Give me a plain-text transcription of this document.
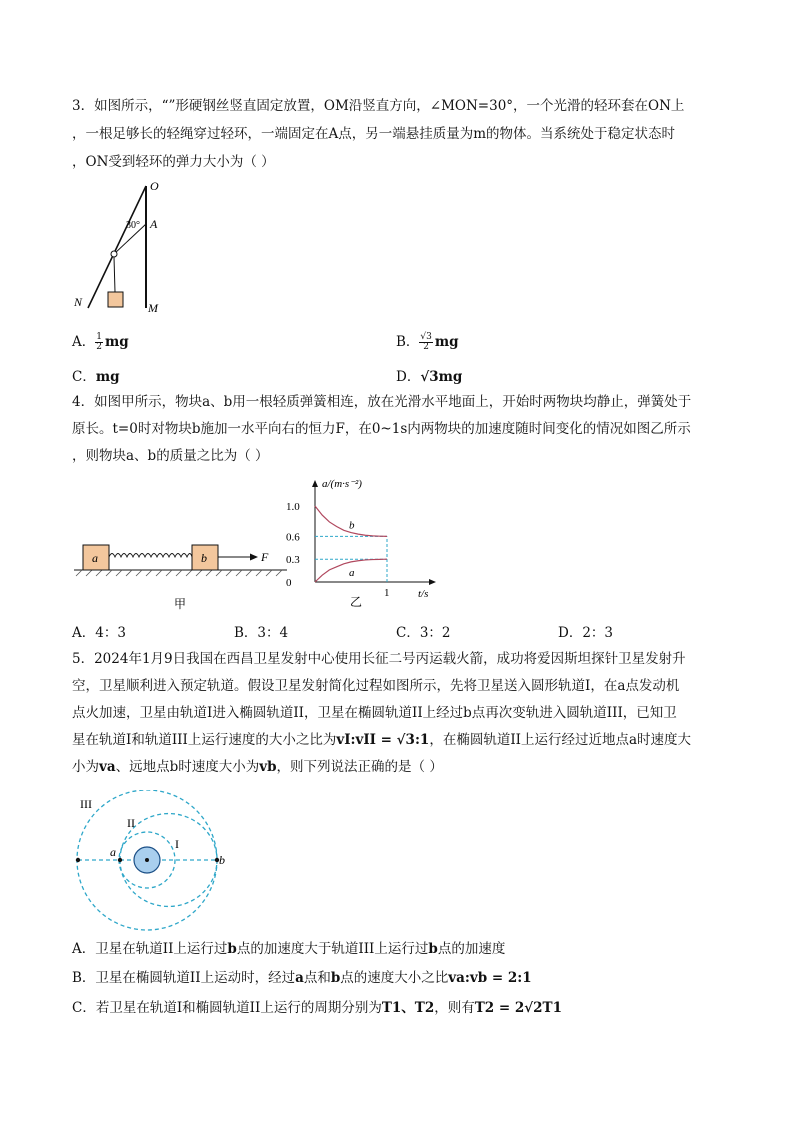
3．如图所示，“”形硬钢丝竖直固定放置，OM沿竖直方向，∠MON=30°，一个光滑的轻环套在ON上
，一根足够长的轻绳穿过轻环，一端固定在A点，另一端悬挂质量为m的物体。当系统处于稳定状态时
，ON受到轻环的弹力大小为（ ）
O
A
N	M
30°
A． $\frac{1}{2}$ mg	B． $\frac{√3}{2}$ mg
C．mg	D．√3mg
4．如图甲所示，物块a、b用一根轻质弹簧相连，放在光滑水平地面上，开始时两物块均静止，弹簧处于
原长。t=0时对物块b施加一水平向右的恒力F，在0~1s内两物块的加速度随时间变化的情况如图乙所示
，则物块a、b的质量之比为（ ）
a	b	F
甲
a/(m·s⁻²)
t/s
1.0
0.6
0.3
0
1
b
a
乙
A．4：3	B．3：4	C．3：2	D．2：3
5．2024年1月9日我国在西昌卫星发射中心使用长征二号丙运载火箭，成功将爱因斯坦探针卫星发射升
空，卫星顺利进入预定轨道。假设卫星发射简化过程如图所示，先将卫星送入圆形轨道I，在a点发动机
点火加速，卫星由轨道I进入椭圆轨道II，卫星在椭圆轨道II上经过b点再次变轨进入圆轨道III，已知卫
星在轨道I和轨道III上运行速度的大小之比为vI:vII = √3:1，在椭圆轨道II上运行经过近地点a时速度大
小为va、远地点b时速度大小为vb，则下列说法正确的是（ ）
III
II
I
a
b
A．卫星在轨道II上运行过b点的加速度大于轨道III上运行过b点的加速度
B．卫星在椭圆轨道II上运动时，经过a点和b点的速度大小之比va:vb = 2:1
C．若卫星在轨道I和椭圆轨道II上运行的周期分别为T1、T2，则有T2 = 2√2T1
